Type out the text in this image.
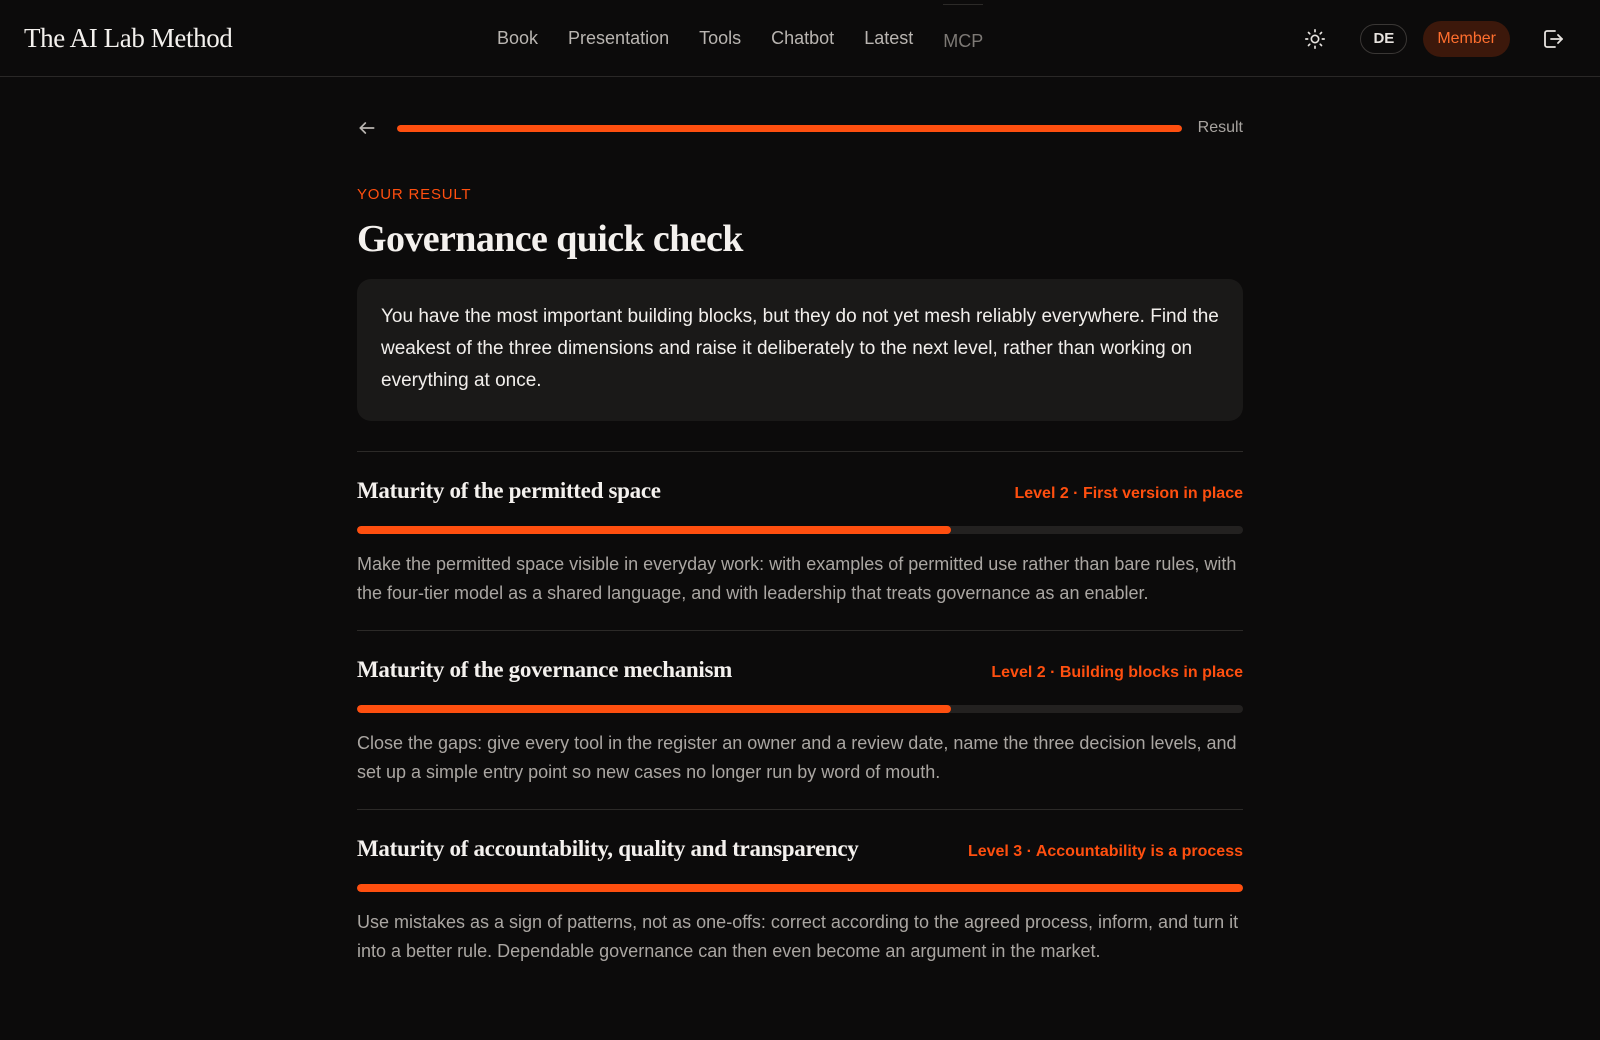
The AI Lab Method	Book Presentation Tools Chatbot Latest MCP	DE	Member
Result
YOUR RESULT
Governance quick check
You have the most important building blocks, but they do not yet mesh reliably everywhere. Find the weakest of the three dimensions and raise it deliberately to the next level, rather than working on everything at once.
Maturity of the permitted space	Level 2 · First version in place

Make the permitted space visible in everyday work: with examples of permitted use rather than bare rules, with the four-tier model as a shared language, and with leadership that treats governance as an enabler.

Maturity of the governance mechanism	Level 2 · Building blocks in place

Close the gaps: give every tool in the register an owner and a review date, name the three decision levels, and set up a simple entry point so new cases no longer run by word of mouth.

Maturity of accountability, quality and transparency	Level 3 · Accountability is a process

Use mistakes as a sign of patterns, not as one-offs: correct according to the agreed process, inform, and turn it into a better rule. Dependable governance can then even become an argument in the market.
